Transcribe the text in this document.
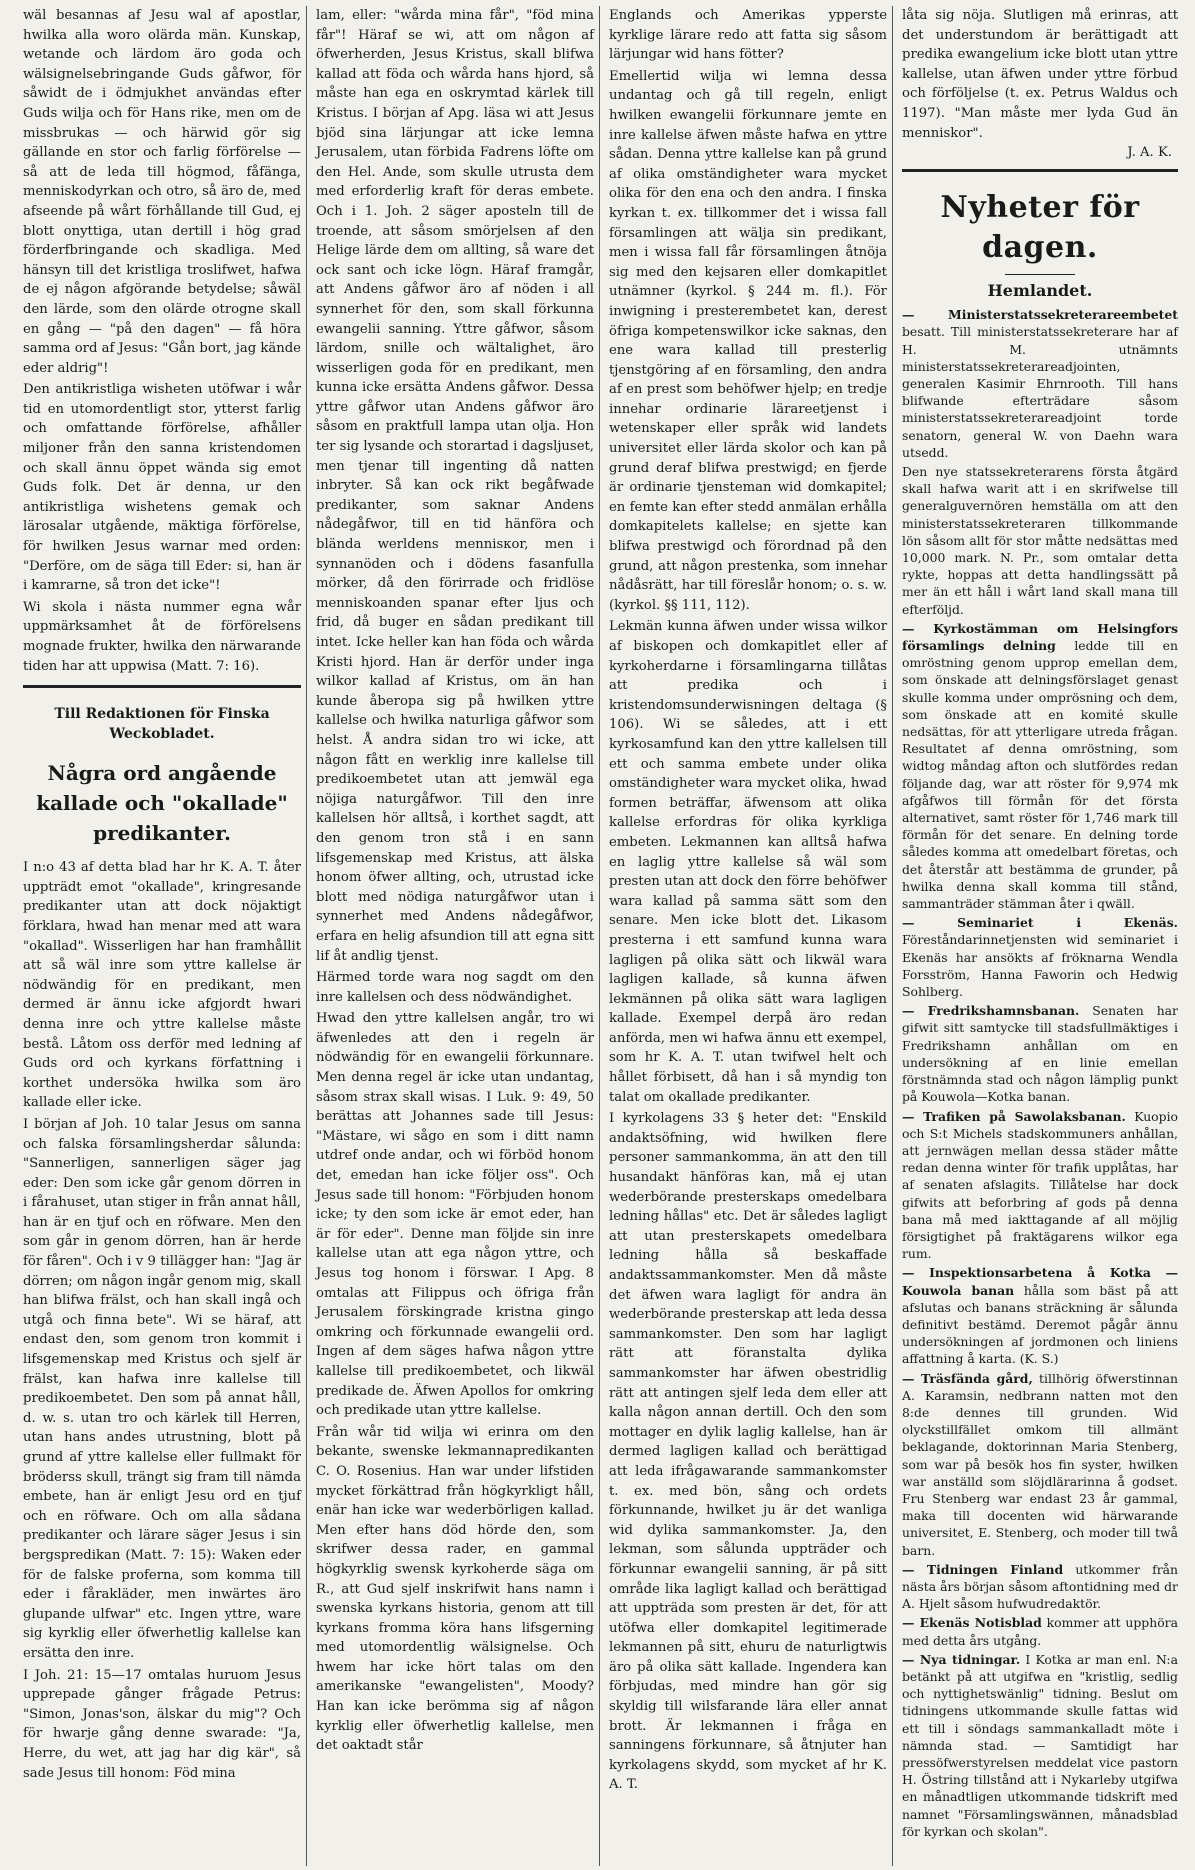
wäl besannas af Jesu wal af apostlar, hwilka alla woro olärda män. Kunskap, wetande och lärdom äro goda och wälsignelsebringande Guds gåfwor, för såwidt de i ödmjukhet användas efter Guds wilja och för Hans rike, men om de missbrukas — och härwid gör sig gällande en stor och farlig förförelse — så att de leda till högmod, fåfänga, menniskodyrkan och otro, så äro de, med afseende på wårt förhållande till Gud, ej blott onyttiga, utan dertill i hög grad förderfbringande och skadliga. Med hänsyn till det kristliga troslifwet, hafwa de ej någon afgörande betydelse; såwäl den lärde, som den olärde otrogne skall en gång — "på den dagen" — få höra samma ord af Jesus: "Gån bort, jag kände eder aldrig"!

Den antikristliga wisheten utöfwar i wår tid en utomordentligt stor, ytterst farlig och omfattande förförelse, afhåller miljoner från den sanna kristendomen och skall ännu öppet wända sig emot Guds folk. Det är denna, ur den antikristliga wishetens gemak och lärosalar utgående, mäktiga förförelse, för hwilken Jesus warnar med orden: "Derföre, om de säga till Eder: si, han är i kamrarne, så tron det icke"!

Wi skola i nästa nummer egna wår uppmärksamhet åt de förförelsens mognade frukter, hwilka den närwarande tiden har att uppwisa (Matt. 7: 16).

Till Redaktionen för Finska Weckobladet.
Några ord angående kallade och "okallade" predikanter.

I n:o 43 af detta blad har hr K. A. T. åter uppträdt emot "okallade", kringresande predikanter utan att dock nöjaktigt förklara, hwad han menar med att wara "okallad". Wisserligen har han framhållit att så wäl inre som yttre kallelse är nödwändig för en predikant, men dermed är ännu icke afgjordt hwari denna inre och yttre kallelse måste bestå. Låtom oss derför med ledning af Guds ord och kyrkans författning i korthet undersöka hwilka som äro kallade eller icke.

I början af Joh. 10 talar Jesus om sanna och falska församlingsherdar sålunda: "Sannerligen, sannerligen säger jag eder: Den som icke går genom dörren in i fårahuset, utan stiger in från annat håll, han är en tjuf och en röfware. Men den som går in genom dörren, han är herde för fåren". Och i v 9 tillägger han: "Jag är dörren; om någon ingår genom mig, skall han blifwa frälst, och han skall ingå och utgå och finna bete". Wi se häraf, att endast den, som genom tron kommit i lifsgemenskap med Kristus och sjelf är frälst, kan hafwa inre kallelse till predikoembetet. Den som på annat håll, d. w. s. utan tro och kärlek till Herren, utan hans andes utrustning, blott på grund af yttre kallelse eller fullmakt för bröderss skull, trängt sig fram till nämda embete, han är enligt Jesu ord en tjuf och en röfware. Och om alla sådana predikanter och lärare säger Jesus i sin bergspredikan (Matt. 7: 15): Waken eder för de falske proferna, som komma till eder i fårakläder, men inwärtes äro glupande ulfwar" etc. Ingen yttre, ware sig kyrklig eller öfwerhetlig kallelse kan ersätta den inre.

I Joh. 21: 15—17 omtalas huruom Jesus upprepade gånger frågade Petrus: "Simon, Jonas'son, älskar du mig"? Och för hwarje gång denne swarade: "Ja, Herre, du wet, att jag har dig kär", så sade Jesus till honom: Föd mina

lam, eller: "wårda mina får", "föd mina får"! Häraf se wi, att om någon af öfwerherden, Jesus Kristus, skall blifwa kallad att föda och wårda hans hjord, så måste han ega en oskrymtad kärlek till Kristus. I början af Apg. läsa wi att Jesus bjöd sina lärjungar att icke lemna Jerusalem, utan förbida Fadrens löfte om den Hel. Ande, som skulle utrusta dem med erforderlig kraft för deras embete. Och i 1. Joh. 2 säger aposteln till de troende, att såsom smörjelsen af den Helige lärde dem om allting, så ware det ock sant och icke lögn. Häraf framgår, att Andens gåfwor äro af nöden i all synnerhet för den, som skall förkunna ewangelii sanning. Yttre gåfwor, såsom lärdom, snille och wältalighet, äro wisserligen goda för en predikant, men kunna icke ersätta Andens gåfwor. Dessa yttre gåfwor utan Andens gåfwor äro såsom en praktfull lampa utan olja. Hon ter sig lysande och storartad i dagsljuset, men tjenar till ingenting då natten inbryter. Så kan ock rikt begåfwade predikanter, som saknar Andens nådegåfwor, till en tid hänföra och blända werldens mennisкor, men i synnanöden och i dödens fasanfulla mörker, då den förirrade och fridlöse menniskoanden spanar efter ljus och frid, då buger en sådan predikant till intet. Icke heller kan han föda och wårda Kristi hjord. Han är derför under inga wilkor kallad af Kristus, om än han kunde åberopa sig på hwilken yttre kallelse och hwilka naturliga gåfwor som helst. Å andra sidan tro wi icke, att någon fått en werklig inre kallelse till predikoembetet utan att jemwäl ega nöjiga naturgåfwor. Till den inre kallelsen hör alltså, i korthet sagdt, att den genom tron stå i en sann lifsgemenskap med Kristus, att älska honom öfwer allting, och, utrustad icke blott med nödiga naturgåfwor utan i synnerhet med Andens nådegåfwor, erfara en helig afsundion till att egna sitt lif åt andlig tjenst.

Härmed torde wara nog sagdt om den inre kallelsen och dess nödwändighet.

Hwad den yttre kallelsen angår, tro wi äfwenledes att den i regeln är nödwändig för en ewangelii förkunnare. Men denna regel är icke utan undantag, såsom strax skall wisas. I Luk. 9: 49, 50 berättas att Johannes sade till Jesus: "Mästare, wi sågo en som i ditt namn utdref onde andar, och wi förböd honom det, emedan han icke följer oss". Och Jesus sade till honom: "Förbjuden honom icke; ty den som icke är emot eder, han är för eder". Denne man följde sin inre kallelse utan att ega någon yttre, och Jesus tog honom i förswar. I Apg. 8 omtalas att Filippus och öfriga från Jerusalem förskingrade kristna gingo omkring och förkunnade ewangelii ord. Ingen af dem säges hafwa någon yttre kallelse till predikoembetet, och likwäl predikade de. Äfwen Apollos for omkring och predikade utan yttre kallelse.

Från wår tid wilja wi erinra om den bekante, swenske lekmannapredikanten C. O. Rosenius. Han war under lifstiden myсket förkättrad från högkyrkligt håll, enär han icke war wederbörligen kallad. Men efter hans död hörde den, som skrifwer dessa rader, en gammal högkyrklig swensk kyrkoherde säga om R., att Gud sjelf inskrifwit hans namn i swenska kyrkans historia, genom att till kyrkans fromma köra hans lifsgerning med utomordentlig wälsignelse. Och hwem har icke hört talas om den amerikanske "ewangelisten", Moody? Han kan icke berömma sig af någon kyrklig eller öfwerhetlig kallelse, men det oaktadt står

Englands och Amerikas ypperste kyrklige lärare redo att fatta sig såsom lärjungar wid hans fötter?

Emellertid wilja wi lemna dessa undantag och gå till regeln, enligt hwilken ewangelii förkunnare jemte en inre kallelse äfwen måste hafwa en yttre sådan. Denna yttre kallelse kan på grund af olika omständigheter wara myсket olika för den ena och den andra. I finska kyrkan t. ex. tillkommer det i wissa fall församlingen att wälja sin predikant, men i wissa fall får församlingen åtnöja sig med den kejsaren eller domkapitlet utnämner (kyrkol. § 244 m. fl.). För inwigning i presterembetet kan, derest öfriga kompetenswilkor icke saknas, den ene wara kallad till presterlig tjenstgöring af en församling, den andra af en prest som behöfwer hjelp; en tredje innehar ordinarie lärareetjenst i wetenskaper eller språk wid landets universitet eller lärda skolor och kan på grund deraf blifwa prestwigd; en fjerde är ordinarie tjensteman wid domkapitel; en femte kan efter stedd anmälan erhålla domkapitelets kallelse; en sjette kan blifwa prestwigd och förordnad på den grund, att någon prestenka, som innehar nådåsrätt, har till föreslår honom; o. s. w. (kyrkol. §§ 111, 112).

Lekmän kunna äfwen under wissa wilkor af biskopen och domkapitlet eller af kyrkoherdarne i församlingarna tillåtas att predika och i kristendomsunderwisningen deltaga (§ 106). Wi se således, att i ett kyrkosamfund kan den yttre kallelsen till ett och samma embete under olika omständigheter wara myсket olika, hwad formen beträffar, äfwensom att olika kallelse erfordras för olika kyrkliga embeten. Lekmannen kan alltså hafwa en laglig yttre kallelse så wäl som presten utan att dock den förre behöfwer wara kallad på samma sätt som den senare. Men icke blott det. Likasom presterna i ett samfund kunna wara lagligen på olika sätt och likwäl wara lagligen kallade, så kunna äfwen lekmännen på olika sätt wara lagligen kallade. Exempel derpå äro redan anförda, men wi hafwa ännu ett exempel, som hr K. A. T. utan twifwel helt och hållet förbisett, då han i så myndig ton talat om okallade predikanter.

I kyrkolagens 33 § heter det: "Enskild andaktsöfning, wid hwilken flere personer sammankomma, än att den till husandakt hänföras kan, må ej utan wederbörande presterskaps omedelbara ledning hållas" etc. Det är således lagligt att utan presterskapets omedelbara ledning hålla så beskaffade andaktssammankomster. Men då måste det äfwen wara lagligt för andra än wederbörande presterskap att leda dessa sammankomster. Den som har lagligt rätt att föranstalta dylika sammankomster har äfwen obestridlig rätt att antingen sjelf leda dem eller att kalla någon annan dertill. Och den som mottager en dylik laglig kallelse, han är dermed lagligen kallad och berättigad att leda ifrågawarande sammankomster t. ex. med bön, sång och ordets förkunnande, hwilket ju är det wanliga wid dylika sammankomster. Ja, den lekman, som sålunda uppträder och förkunnar ewangelii sanning, är på sitt område lika lagligt kallad och berättigad att uppträda som presten är det, för att utöfwa eller domkapitel legitimerade lekmannen på sitt, ehuru de naturligtwis äro på olika sätt kallade. Ingendera kan förbjudas, med mindre han gör sig skyldig till wilsfarande lära eller annat brott. Är lekmannen i fråga en sanningens förkunnare, så åtnjuter han kyrkolagens skydd, som mycket af hr K. A. T.

låta sig nöja. Slutligen må erinras, att det understundom är berättigadt att predika ewangelium icke blott utan yttre kallelse, utan äfwen under yttre förbud och förföljelse (t. ex. Petrus Waldus och 1197). "Man måste mer lyda Gud än menniskor".

J. A. K.
Nyheter för dagen.
Hemlandet.

— Ministerstatssekreterareembetet besatt. Till ministerstatssekreterare har af H. M. utnämnts ministerstatssekreterareadjointen, generalen Kasimir Ehrnrooth. Till hans blifwande efterträdare såsom ministerstatssekreterareadjoint torde senatorn, general W. von Daehn wara utsedd.

Den nye statssekreterarens första åtgärd skall hafwa warit att i en skrifwelse till generalguvernören hemställa om att den ministerstatssekreteraren tillkommande lön såsom allt för stor måtte nedsättas med 10,000 mark. N. Pr., som omtalar detta rykte, hoppas att detta handlingssätt på mer än ett håll i wårt land skall mana till efterföljd.

— Kyrkostämman om Helsingfors församlings delning ledde till en omröstning genom upprop emellan dem, som önskade att delningsförslaget genast skulle komma under omprösning och dem, som önskade att en komité skulle nedsättas, för att ytterligare utreda frågan. Resultatet af denna omröstning, som widtog måndag afton och slutfördes redan följande dag, war att röster för 9,974 mk afgåfwos till förmån för det första alternativet, samt röster för 1,746 mark till förmån för det senare. En delning torde således komma att omedelbart företas, och det återstår att bestämma de grunder, på hwilka denna skall komma till stånd, sammanträder stämman åter i qwäll.

— Seminariet i Ekenäs. Föreståndarinnetjensten wid seminariet i Ekenäs har ansökts af fröknarna Wendla Forsström, Hanna Faworin och Hedwig Sohlberg.

— Fredrikshamnsbanan. Senaten har gifwit sitt samtycke till stadsfullmäktiges i Fredrikshamn anhållan om en undersökning af en linie emellan förstnämnda stad och någon lämplig punkt på Kouwola—Kotka banan.

— Trafiken på Sawolaksbanan. Kuopio och S:t Michels stadskommuners anhållan, att jernwägen mellan dessa städer måtte redan denna winter för trafik upplåtas, har af senaten afslagits. Tillåtelse har dock gifwits att beforbring af gods på denna bana må med iakttagande af all möjlig försigtighet på fraktägarens wilkor ega rum.

— Inspektionsarbetena å Kotka —Kouwola banan hålla som bäst på att afslutas och banans sträckning är sålunda definitivt bestämd. Deremot pågår ännu undersökningen af jordmonen och liniens affattning å karta. (K. S.)

— Träsfända gård, tillhörig öfwerstinnan A. Karamsin, nedbrann natten mot den 8:de dennes till grunden. Wid olyckstillfället omkom till allmänt beklagande, doktorinnan Maria Stenberg, som war på besök hos fin syster, hwilken war anställd som slöjdlärarinna å godset. Fru Stenberg war endast 23 år gammal, maka till docenten wid härwarande universitet, E. Stenberg, och moder till twå barn.

— Tidningen Finland utkommer från nästa års början såsom aftontidning med dr A. Hjelt såsom hufwudredaktör.

— Ekenäs Notisblad kommer att upphöra med detta års utgång.

— Nya tidningar. I Kotka ar man enl. N:a betänkt på att utgifwa en "kristlig, sedlig och nyttighetswänlig" tidning. Beslut om tidningens utkommande skulle fattas wid ett till i söndags sammankalladt möte i nämnda stad. — Samtidigt har pressöfwerstyrelsen meddelat vice pastorn H. Östring tillstånd att i Nykarleby utgifwa en månadtligen utkommande tidskrift med namnet "Församlingswännen, månadsblad för kyrkan och skolan".
